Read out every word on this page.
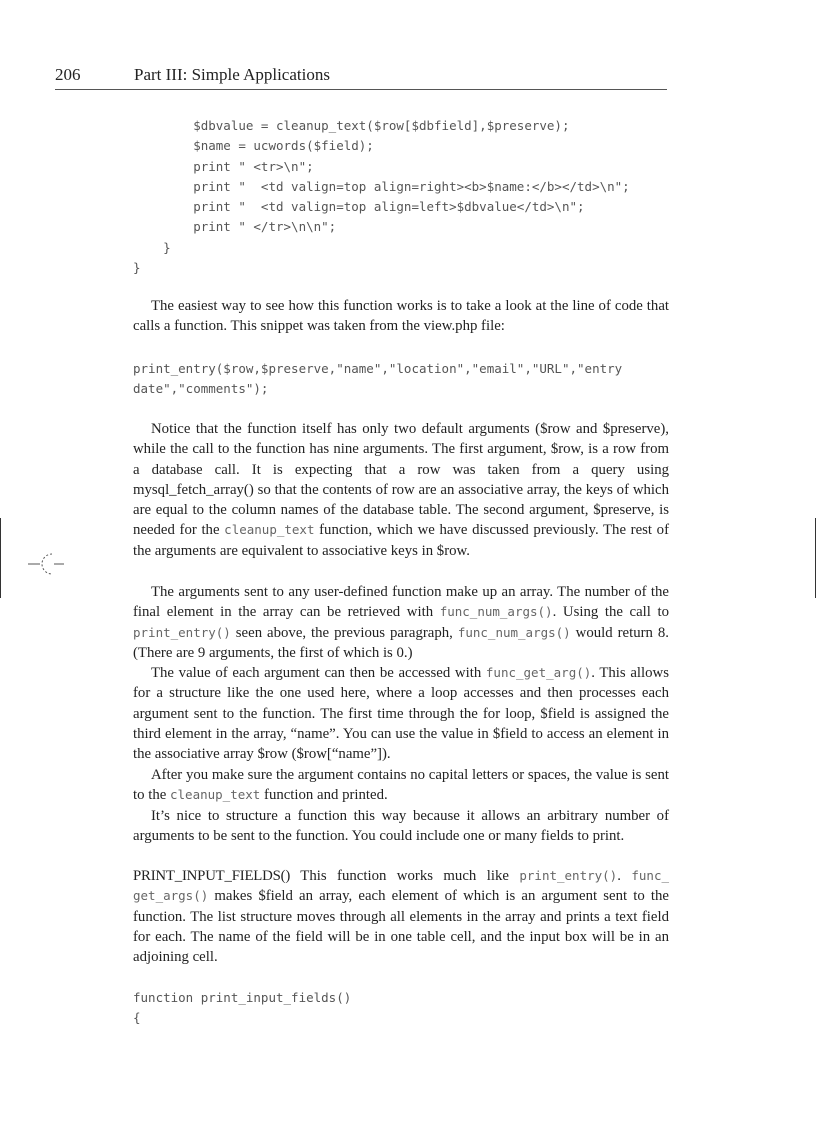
206	Part III: Simple Applications
$dbvalue = cleanup_text($row[$dbfield],$preserve);
$name = ucwords($field);
print " <tr>\n";
print "  <td valign=top align=right><b>$name:</b></td>\n";
print "  <td valign=top align=left>$dbvalue</td>\n";
print " </tr>\n\n";
}
}

The easiest way to see how this function works is to take a look at the line of code that calls a function. This snippet was taken from the view.php file:

print_entry($row,$preserve,"name","location","email","URL","entry
date","comments");

Notice that the function itself has only two default arguments ($row and $preserve), while the call to the function has nine arguments. The first argument, $row, is a row from a database call. It is expecting that a row was taken from a query using mysql_fetch_array() so that the contents of row are an associative array, the keys of which are equal to the column names of the database table. The second argument, $preserve, is needed for the cleanup_text function, which we have discussed previously. The rest of the arguments are equivalent to associative keys in $row.

The arguments sent to any user-defined function make up an array. The number of the final element in the array can be retrieved with func_num_args(). Using the call to print_entry() seen above, the previous paragraph, func_num_args() would return 8. (There are 9 arguments, the first of which is 0.)

The value of each argument can then be accessed with func_get_arg(). This allows for a structure like the one used here, where a loop accesses and then processes each argument sent to the function. The first time through the for loop, $field is assigned the third element in the array, “name”. You can use the value in $field to access an element in the associative array $row ($row[“name”]).

After you make sure the argument contains no capital letters or spaces, the value is sent to the cleanup_text function and printed.

It’s nice to structure a function this way because it allows an arbitrary number of arguments to be sent to the function. You could include one or many fields to print.

PRINT_INPUT_FIELDS() This function works much like print_entry(). func_ get_args() makes $field an array, each element of which is an argument sent to the function. The list structure moves through all elements in the array and prints a text field for each. The name of the field will be in one table cell, and the input box will be in an adjoining cell.

function print_input_fields()
{
